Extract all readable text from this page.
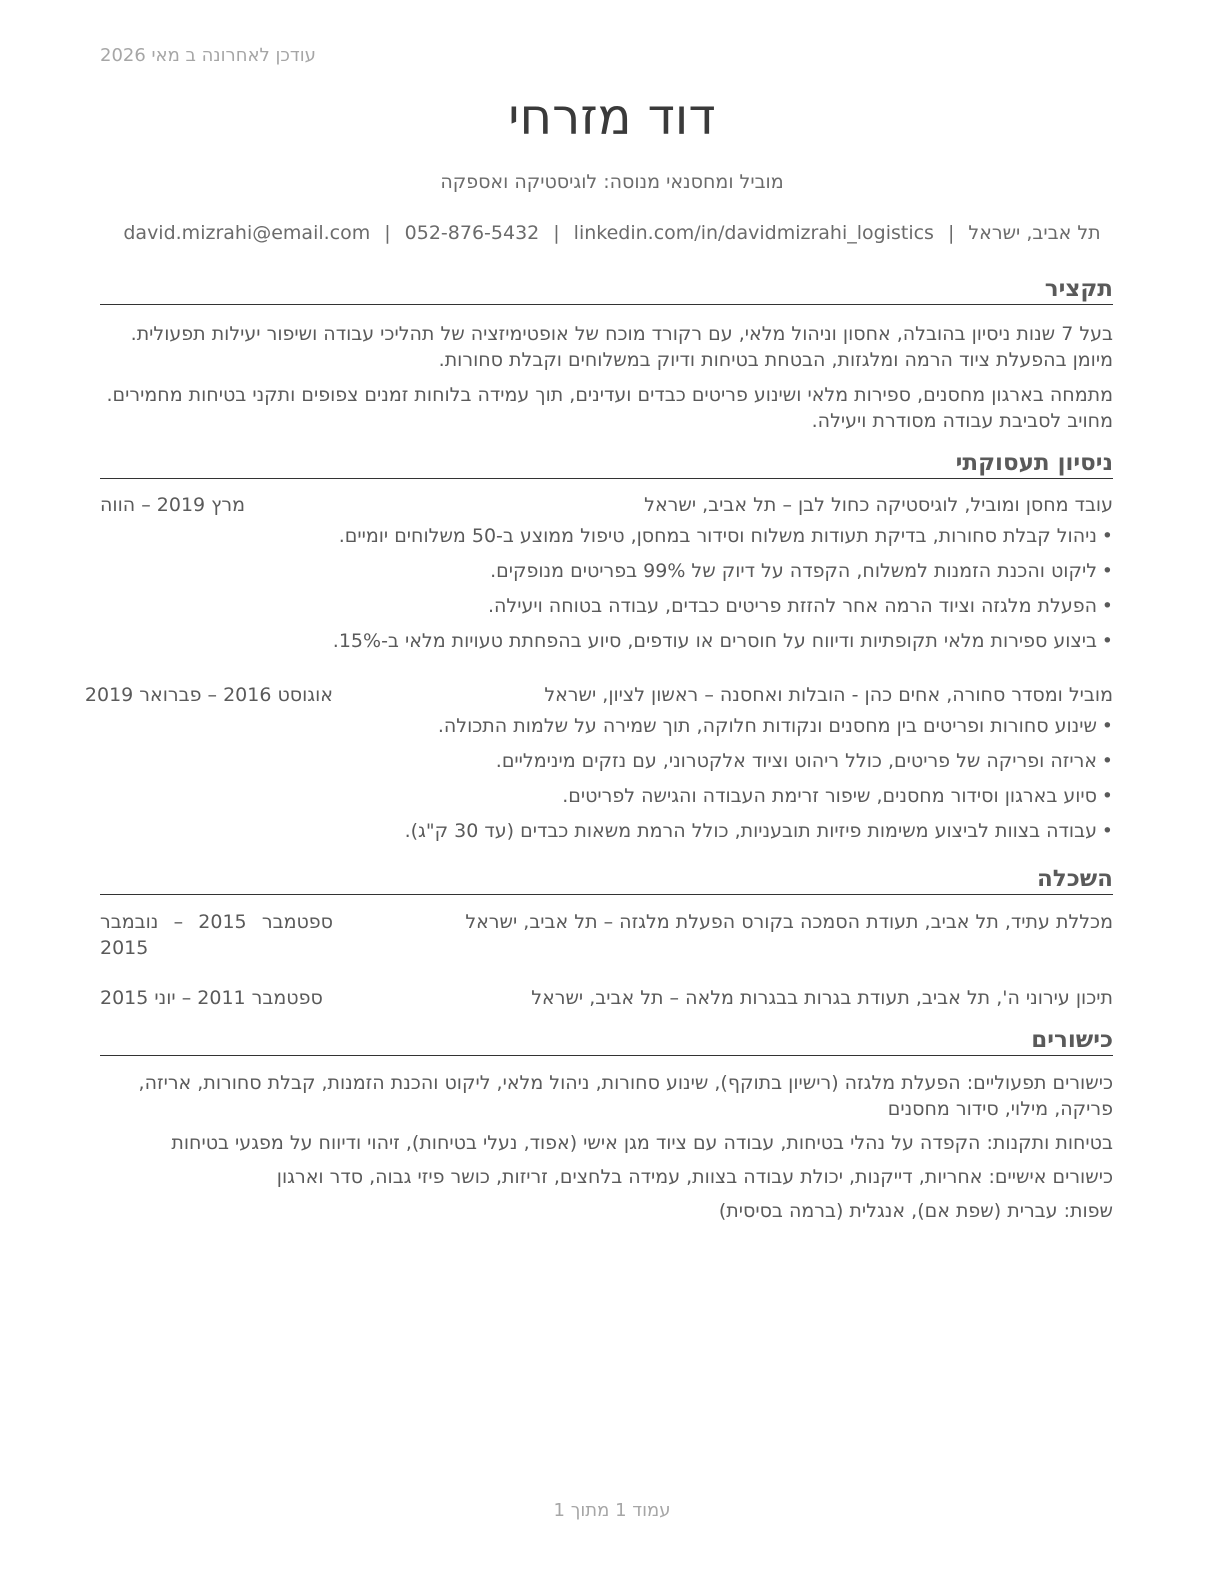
עודכן לאחרונה ב מאי 2026
דוד מזרחי
מוביל ומחסנאי מנוסה: לוגיסטיקה ואספקה
תל אביב, ישראל|david.mizrahi@email.com | 052-876-5432 | linkedin.com/in/davidmizrahi_logistics
תקציר

בעל 7 שנות ניסיון בהובלה, אחסון וניהול מלאי, עם רקורד מוכח של אופטימיזציה של תהליכי עבודה ושיפור יעילות תפעולית. מיומן בהפעלת ציוד הרמה ומלגזות, הבטחת בטיחות ודיוק במשלוחים וקבלת סחורות.

מתמחה בארגון מחסנים, ספירות מלאי ושינוע פריטים כבדים ועדינים, תוך עמידה בלוחות זמנים צפופים ותקני בטיחות מחמירים. מחויב לסביבת עבודה מסודרת ויעילה.

ניסיון תעסוקתי
עובד מחסן ומוביל, לוגיסטיקה כחול לבן – תל אביב, ישראל
מרץ 2019 – הווה
• ניהול קבלת סחורות, בדיקת תעודות משלוח וסידור במחסן, טיפול ממוצע ב-50 משלוחים יומיים.
• ליקוט והכנת הזמנות למשלוח, הקפדה על דיוק של 99% בפריטים מנופקים.
• הפעלת מלגזה וציוד הרמה אחר להזזת פריטים כבדים, עבודה בטוחה ויעילה.
• ביצוע ספירות מלאי תקופתיות ודיווח על חוסרים או עודפים, סיוע בהפחתת טעויות מלאי ב-15%.
מוביל ומסדר סחורה, אחים כהן - הובלות ואחסנה – ראשון לציון, ישראל
אוגוסט 2016 – פברואר 2019
• שינוע סחורות ופריטים בין מחסנים ונקודות חלוקה, תוך שמירה על שלמות התכולה.
• אריזה ופריקה של פריטים, כולל ריהוט וציוד אלקטרוני, עם נזקים מינימליים.
• סיוע בארגון וסידור מחסנים, שיפור זרימת העבודה והגישה לפריטים.
• עבודה בצוות לביצוע משימות פיזיות תובעניות, כולל הרמת משאות כבדים (עד 30 ק"ג).
השכלה
מכללת עתיד, תל אביב, תעודת הסמכה בקורס הפעלת מלגזה – תל אביב, ישראל
ספטמבר 2015 – נובמבר 2015
תיכון עירוני ה', תל אביב, תעודת בגרות בבגרות מלאה – תל אביב, ישראל
ספטמבר 2011 – יוני 2015
כישורים

כישורים תפעוליים: הפעלת מלגזה (רישיון בתוקף), שינוע סחורות, ניהול מלאי, ליקוט והכנת הזמנות, קבלת סחורות, אריזה, פריקה, מילוי, סידור מחסנים

בטיחות ותקנות: הקפדה על נהלי בטיחות, עבודה עם ציוד מגן אישי (אפוד, נעלי בטיחות), זיהוי ודיווח על מפגעי בטיחות

כישורים אישיים: אחריות, דייקנות, יכולת עבודה בצוות, עמידה בלחצים, זריזות, כושר פיזי גבוה, סדר וארגון

שפות: עברית (שפת אם), אנגלית (ברמה בסיסית)

עמוד 1 מתוך 1
